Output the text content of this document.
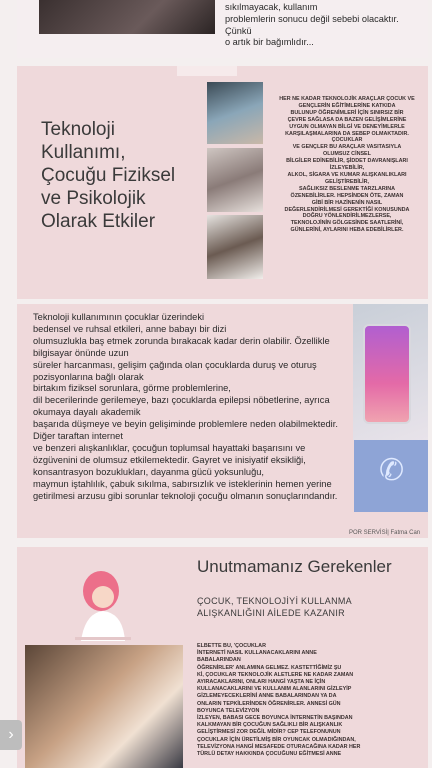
sıkılmayacak, kullanım
problemlerin sonucu değil sebebi olacaktır.
Çünkü
o artık bir bağımlıdır...
Teknoloji
Kullanımı,
Çocuğu Fiziksel
ve Psikolojik
Olarak Etkiler
HER NE KADAR TEKNOLOJİK ARAÇLAR ÇOCUK VE
GENÇLERİN EĞİTİMLERİNE KATKIDA
BULUNUP ÖĞRENİMLERİ İÇİN SINIRSIZ BİR
ÇEVRE SAĞLASA DA BAZEN GELİŞİMLERİNE
UYGUN OLMAYAN BİLGİ VE DENEYİMLERLE
KARŞILAŞMALARINA DA SEBEP OLMAKTADIR.
ÇOCUKLAR
VE GENÇLER BU ARAÇLAR VASITASIYLA
OLUMSUZ CİNSEL
BİLGİLER EDİNEBİLİR, ŞİDDET DAVRANIŞLARI
İZLEYEBİLİR,
ALKOL, SİGARA VE KUMAR ALIŞKANLIKLARI
GELİŞTİREBİLİR,
SAĞLIKSIZ BESLENME TARZLARINA
ÖZENEBİLİRLER. HEPSİNDEN ÖTE, ZAMAN
GİBİ BİR HAZİNENİN NASIL
DEĞERLENDİRİLMESİ GEREKTİĞİ KONUSUNDA
DOĞRU YÖNLENDİRİLMEZLERSE,
TEKNOLOJİNİN GÖLGESİNDE SAATLERİNİ,
GÜNLERİNİ, AYLARINI HEBA EDEBİLİRLER.
Teknoloji kullanımının çocuklar üzerindeki
bedensel ve ruhsal etkileri, anne babayı bir dizi
olumsuzlukla baş etmek zorunda bırakacak kadar derin olabilir. Özellikle
bilgisayar önünde uzun
süreler harcanması, gelişim çağında olan çocuklarda duruş ve oturuş
pozisyonlarına bağlı olarak
birtakım fiziksel sorunlara, görme problemlerine,
dil becerilerinde gerilemeye, bazı çocuklarda epilepsi nöbetlerine, ayrıca
okumaya dayalı akademik
başarıda düşmeye ve beyin gelişiminde problemlere neden olabilmektedir.
Diğer taraftan internet
ve benzeri alışkanlıklar, çocuğun toplumsal hayattaki başarısını ve
özgüvenini de olumsuz etkilemektedir. Gayret ve inisiyatif eksikliği,
konsantrasyon bozuklukları, dayanma gücü yoksunluğu,
maymun iştahlılık, çabuk sıkılma, sabırsızlık ve isteklerinin hemen yerine
getirilmesi arzusu gibi sorunlar teknoloji çocuğu olmanın sonuçlarındandır.
✆
POR SERVİSİ| Fatma Can
Unutmamanız Gerekenler
ÇOCUK, TEKNOLOJİYİ KULLANMA ALIŞKANLIĞINI AİLEDE KAZANIR
ELBETTE BU, 'ÇOCUKLAR
İNTERNETİ NASIL KULLANACAKLARINI ANNE
BABALARINDAN
ÖĞRENİRLER' ANLAMINA GELMEZ. KASTETTİĞİMİZ ŞU
Kİ, ÇOCUKLAR TEKNOLOJİK ALETLERE NE KADAR ZAMAN
AYIRACAKLARINI, ONLARI HANGİ YAŞTA NE İÇİN
KULLANACAKLARINI VE KULLANIM ALANLARINI GİZLEYİP
GİZLEMEYECEKLERİNİ ANNE BABALARINDAN YA DA
ONLARIN TEPKİLERİNDEN ÖĞRENİRLER. ANNESİ GÜN
BOYUNCA TELEVİZYON
İZLEYEN, BABASI GECE BOYUNCA İNTERNETİN BAŞINDAN
KALKMAYAN BİR ÇOCUĞUN SAĞLIKLI BİR ALIŞKANLIK
GELİŞTİRMESİ ZOR DEĞİL MİDİR? CEP TELEFONUNUN
ÇOCUKLAR İÇİN ÜRETİLMİŞ BİR OYUNCAK OLMADIĞINDAN,
TELEVİZYONA HANGİ MESAFEDE OTURACAĞINA KADAR HER
TÜRLÜ DETAY HAKKINDA ÇOCUĞUNU EĞİTMESİ ANNE
›
